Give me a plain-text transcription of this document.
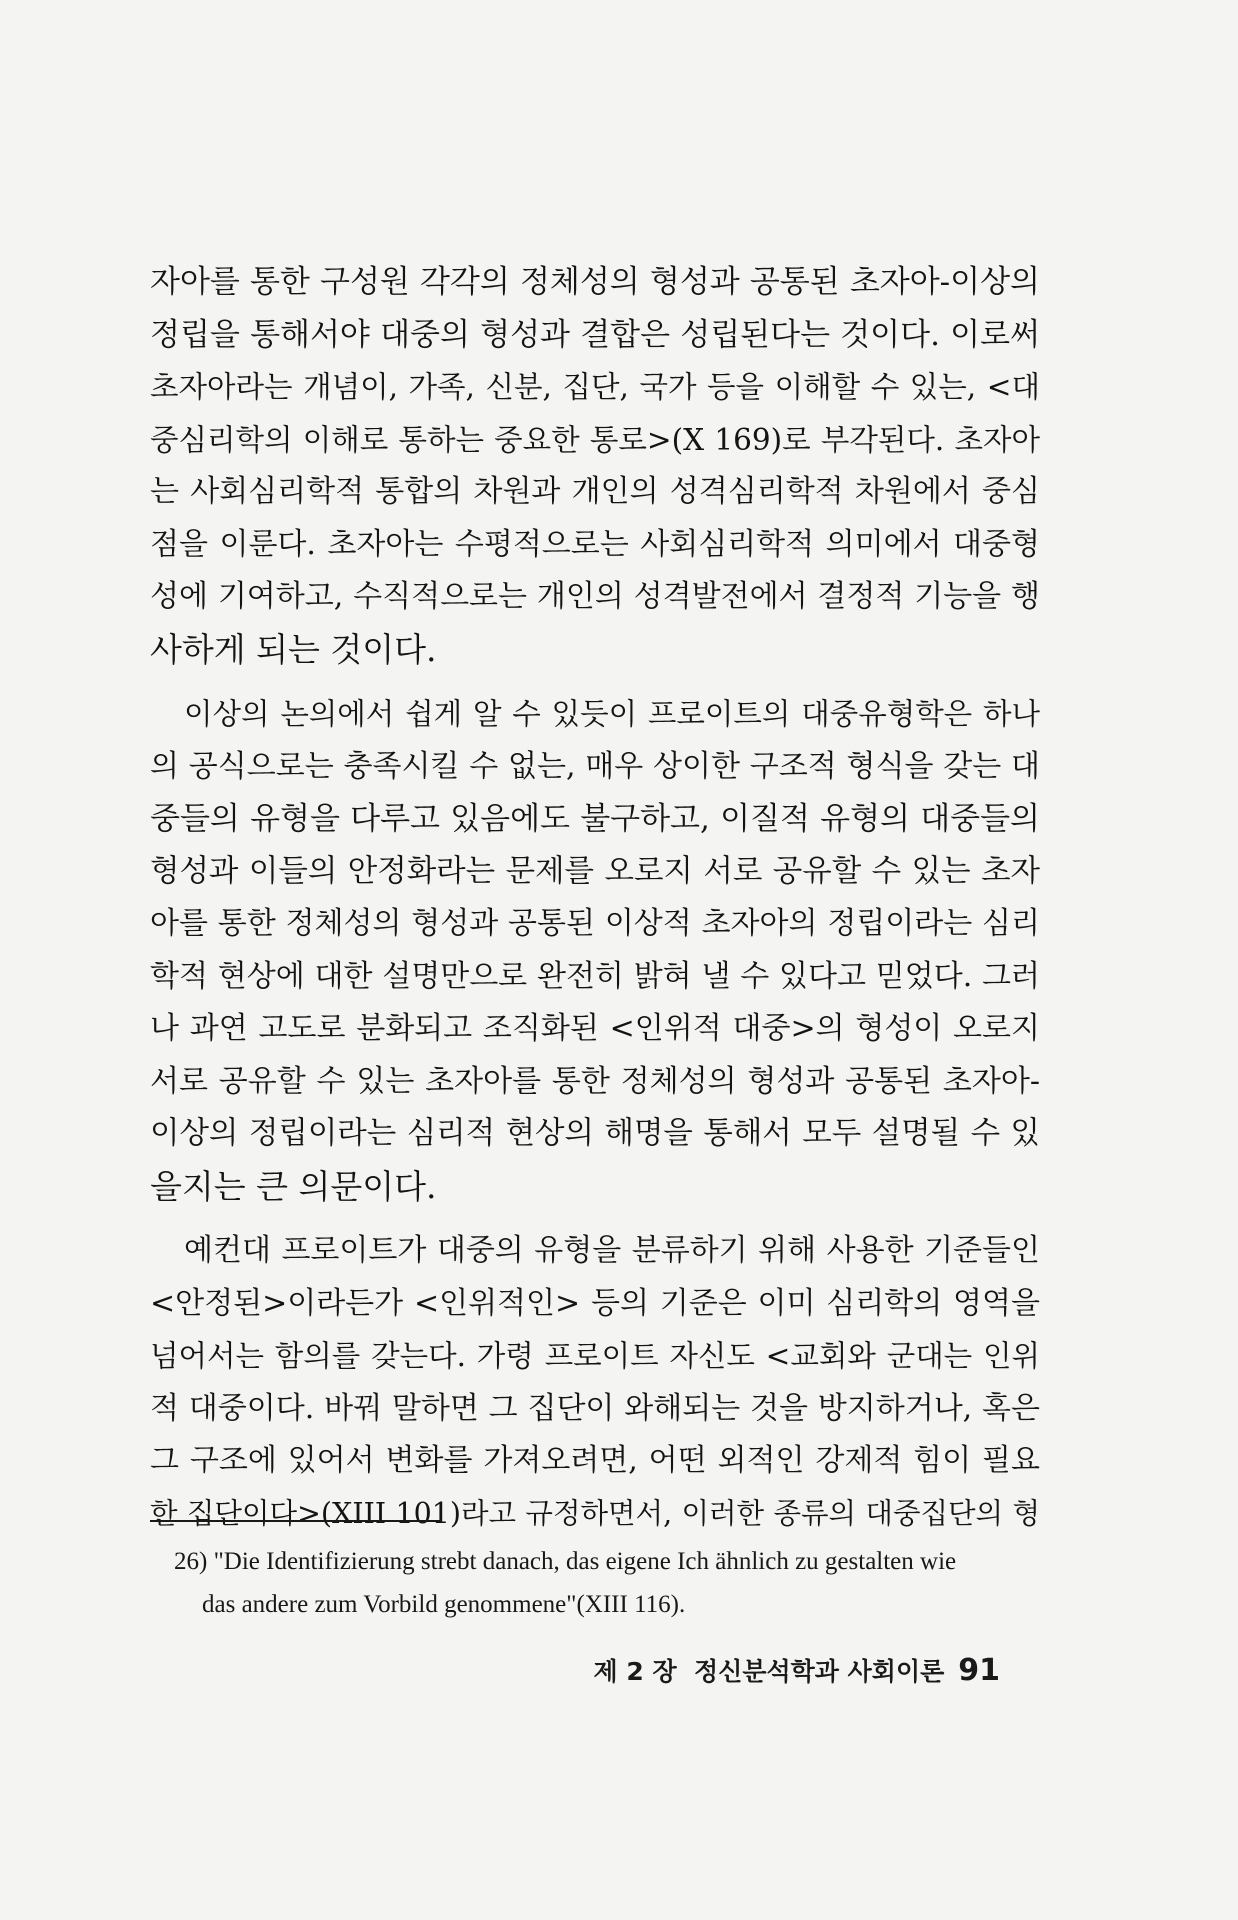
자아를 통한 구성원 각각의 정체성의 형성과 공통된 초자아-이상의
정립을 통해서야 대중의 형성과 결합은 성립된다는 것이다. 이로써
초자아라는 개념이, 가족, 신분, 집단, 국가 등을 이해할 수 있는, <대
중심리학의 이해로 통하는 중요한 통로>(X 169)로 부각된다. 초자아
는 사회심리학적 통합의 차원과 개인의 성격심리학적 차원에서 중심
점을 이룬다. 초자아는 수평적으로는 사회심리학적 의미에서 대중형
성에 기여하고, 수직적으로는 개인의 성격발전에서 결정적 기능을 행
사하게 되는 것이다.
이상의 논의에서 쉽게 알 수 있듯이 프로이트의 대중유형학은 하나
의 공식으로는 충족시킬 수 없는, 매우 상이한 구조적 형식을 갖는 대
중들의 유형을 다루고 있음에도 불구하고, 이질적 유형의 대중들의
형성과 이들의 안정화라는 문제를 오로지 서로 공유할 수 있는 초자
아를 통한 정체성의 형성과 공통된 이상적 초자아의 정립이라는 심리
학적 현상에 대한 설명만으로 완전히 밝혀 낼 수 있다고 믿었다. 그러
나 과연 고도로 분화되고 조직화된 <인위적 대중>의 형성이 오로지
서로 공유할 수 있는 초자아를 통한 정체성의 형성과 공통된 초자아-
이상의 정립이라는 심리적 현상의 해명을 통해서 모두 설명될 수 있
을지는 큰 의문이다.
예컨대 프로이트가 대중의 유형을 분류하기 위해 사용한 기준들인
<안정된>이라든가 <인위적인> 등의 기준은 이미 심리학의 영역을
넘어서는 함의를 갖는다. 가령 프로이트 자신도 <교회와 군대는 인위
적 대중이다. 바꿔 말하면 그 집단이 와해되는 것을 방지하거나, 혹은
그 구조에 있어서 변화를 가져오려면, 어떤 외적인 강제적 힘이 필요
한 집단이다>(XIII 101)라고 규정하면서, 이러한 종류의 대중집단의 형
26) "Die Identifizierung strebt danach, das eigene Ich ähnlich zu gestalten wie
das andere zum Vorbild genommene"(XIII 116).
제 2 장  정신분석학과 사회이론 91
